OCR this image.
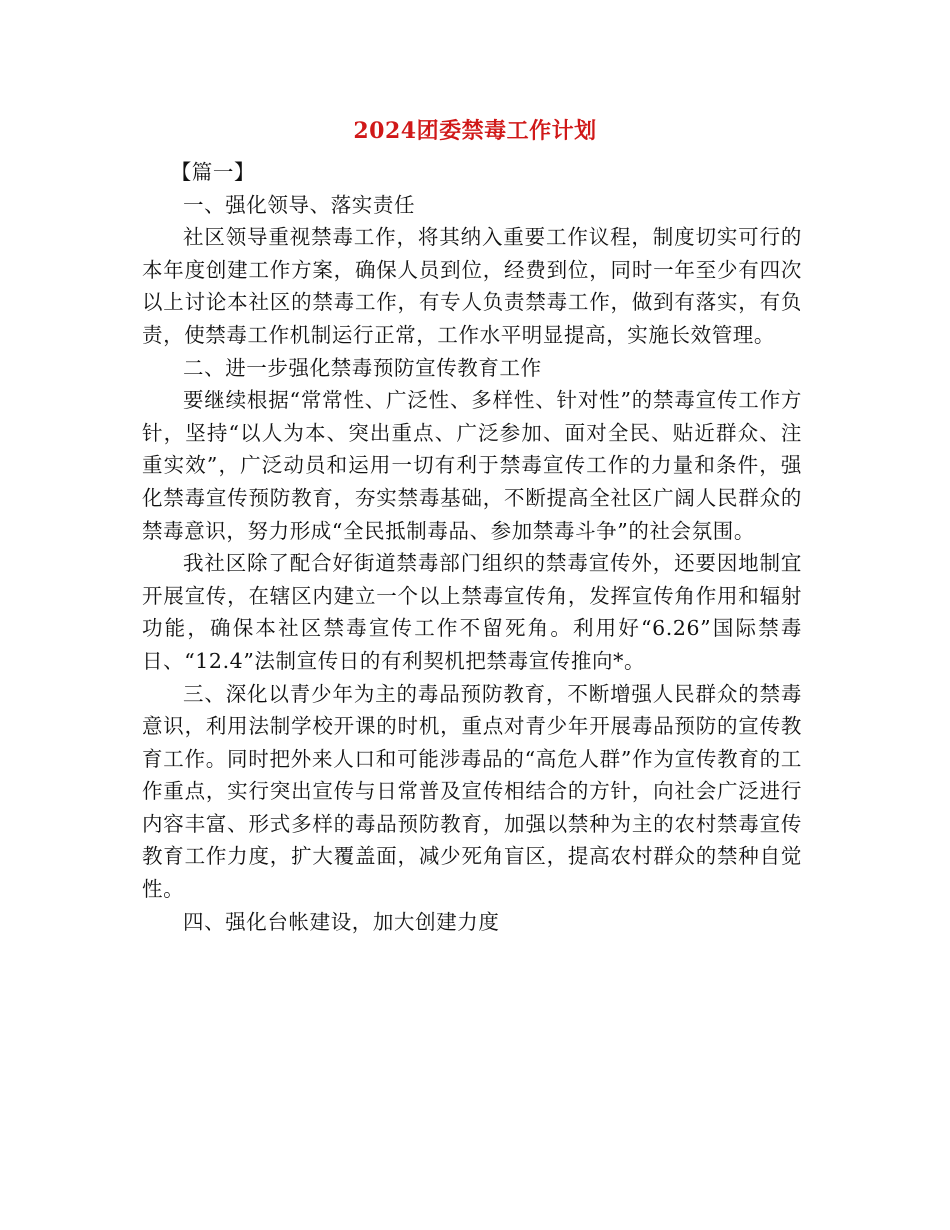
2024团委禁毒工作计划

【篇一】

一、强化领导、落实责任

社区领导重视禁毒工作，将其纳入重要工作议程，制度切实可行的本年度创建工作方案，确保人员到位，经费到位，同时一年至少有四次以上讨论本社区的禁毒工作，有专人负责禁毒工作，做到有落实，有负责，使禁毒工作机制运行正常，工作水平明显提高，实施长效管理。

二、进一步强化禁毒预防宣传教育工作

要继续根据“常常性、广泛性、多样性、针对性”的禁毒宣传工作方针，坚持“以人为本、突出重点、广泛参加、面对全民、贴近群众、注重实效”，广泛动员和运用一切有利于禁毒宣传工作的力量和条件，强化禁毒宣传预防教育，夯实禁毒基础，不断提高全社区广阔人民群众的禁毒意识，努力形成“全民抵制毒品、参加禁毒斗争”的社会氛围。

我社区除了配合好街道禁毒部门组织的禁毒宣传外，还要因地制宜开展宣传，在辖区内建立一个以上禁毒宣传角，发挥宣传角作用和辐射功能，确保本社区禁毒宣传工作不留死角。利用好“6.26”国际禁毒日、“12.4”法制宣传日的有利契机把禁毒宣传推向*。

三、深化以青少年为主的毒品预防教育，不断增强人民群众的禁毒意识，利用法制学校开课的时机，重点对青少年开展毒品预防的宣传教育工作。同时把外来人口和可能涉毒品的“高危人群”作为宣传教育的工作重点，实行突出宣传与日常普及宣传相结合的方针，向社会广泛进行内容丰富、形式多样的毒品预防教育，加强以禁种为主的农村禁毒宣传教育工作力度，扩大覆盖面，减少死角盲区，提高农村群众的禁种自觉性。

四、强化台帐建设，加大创建力度
